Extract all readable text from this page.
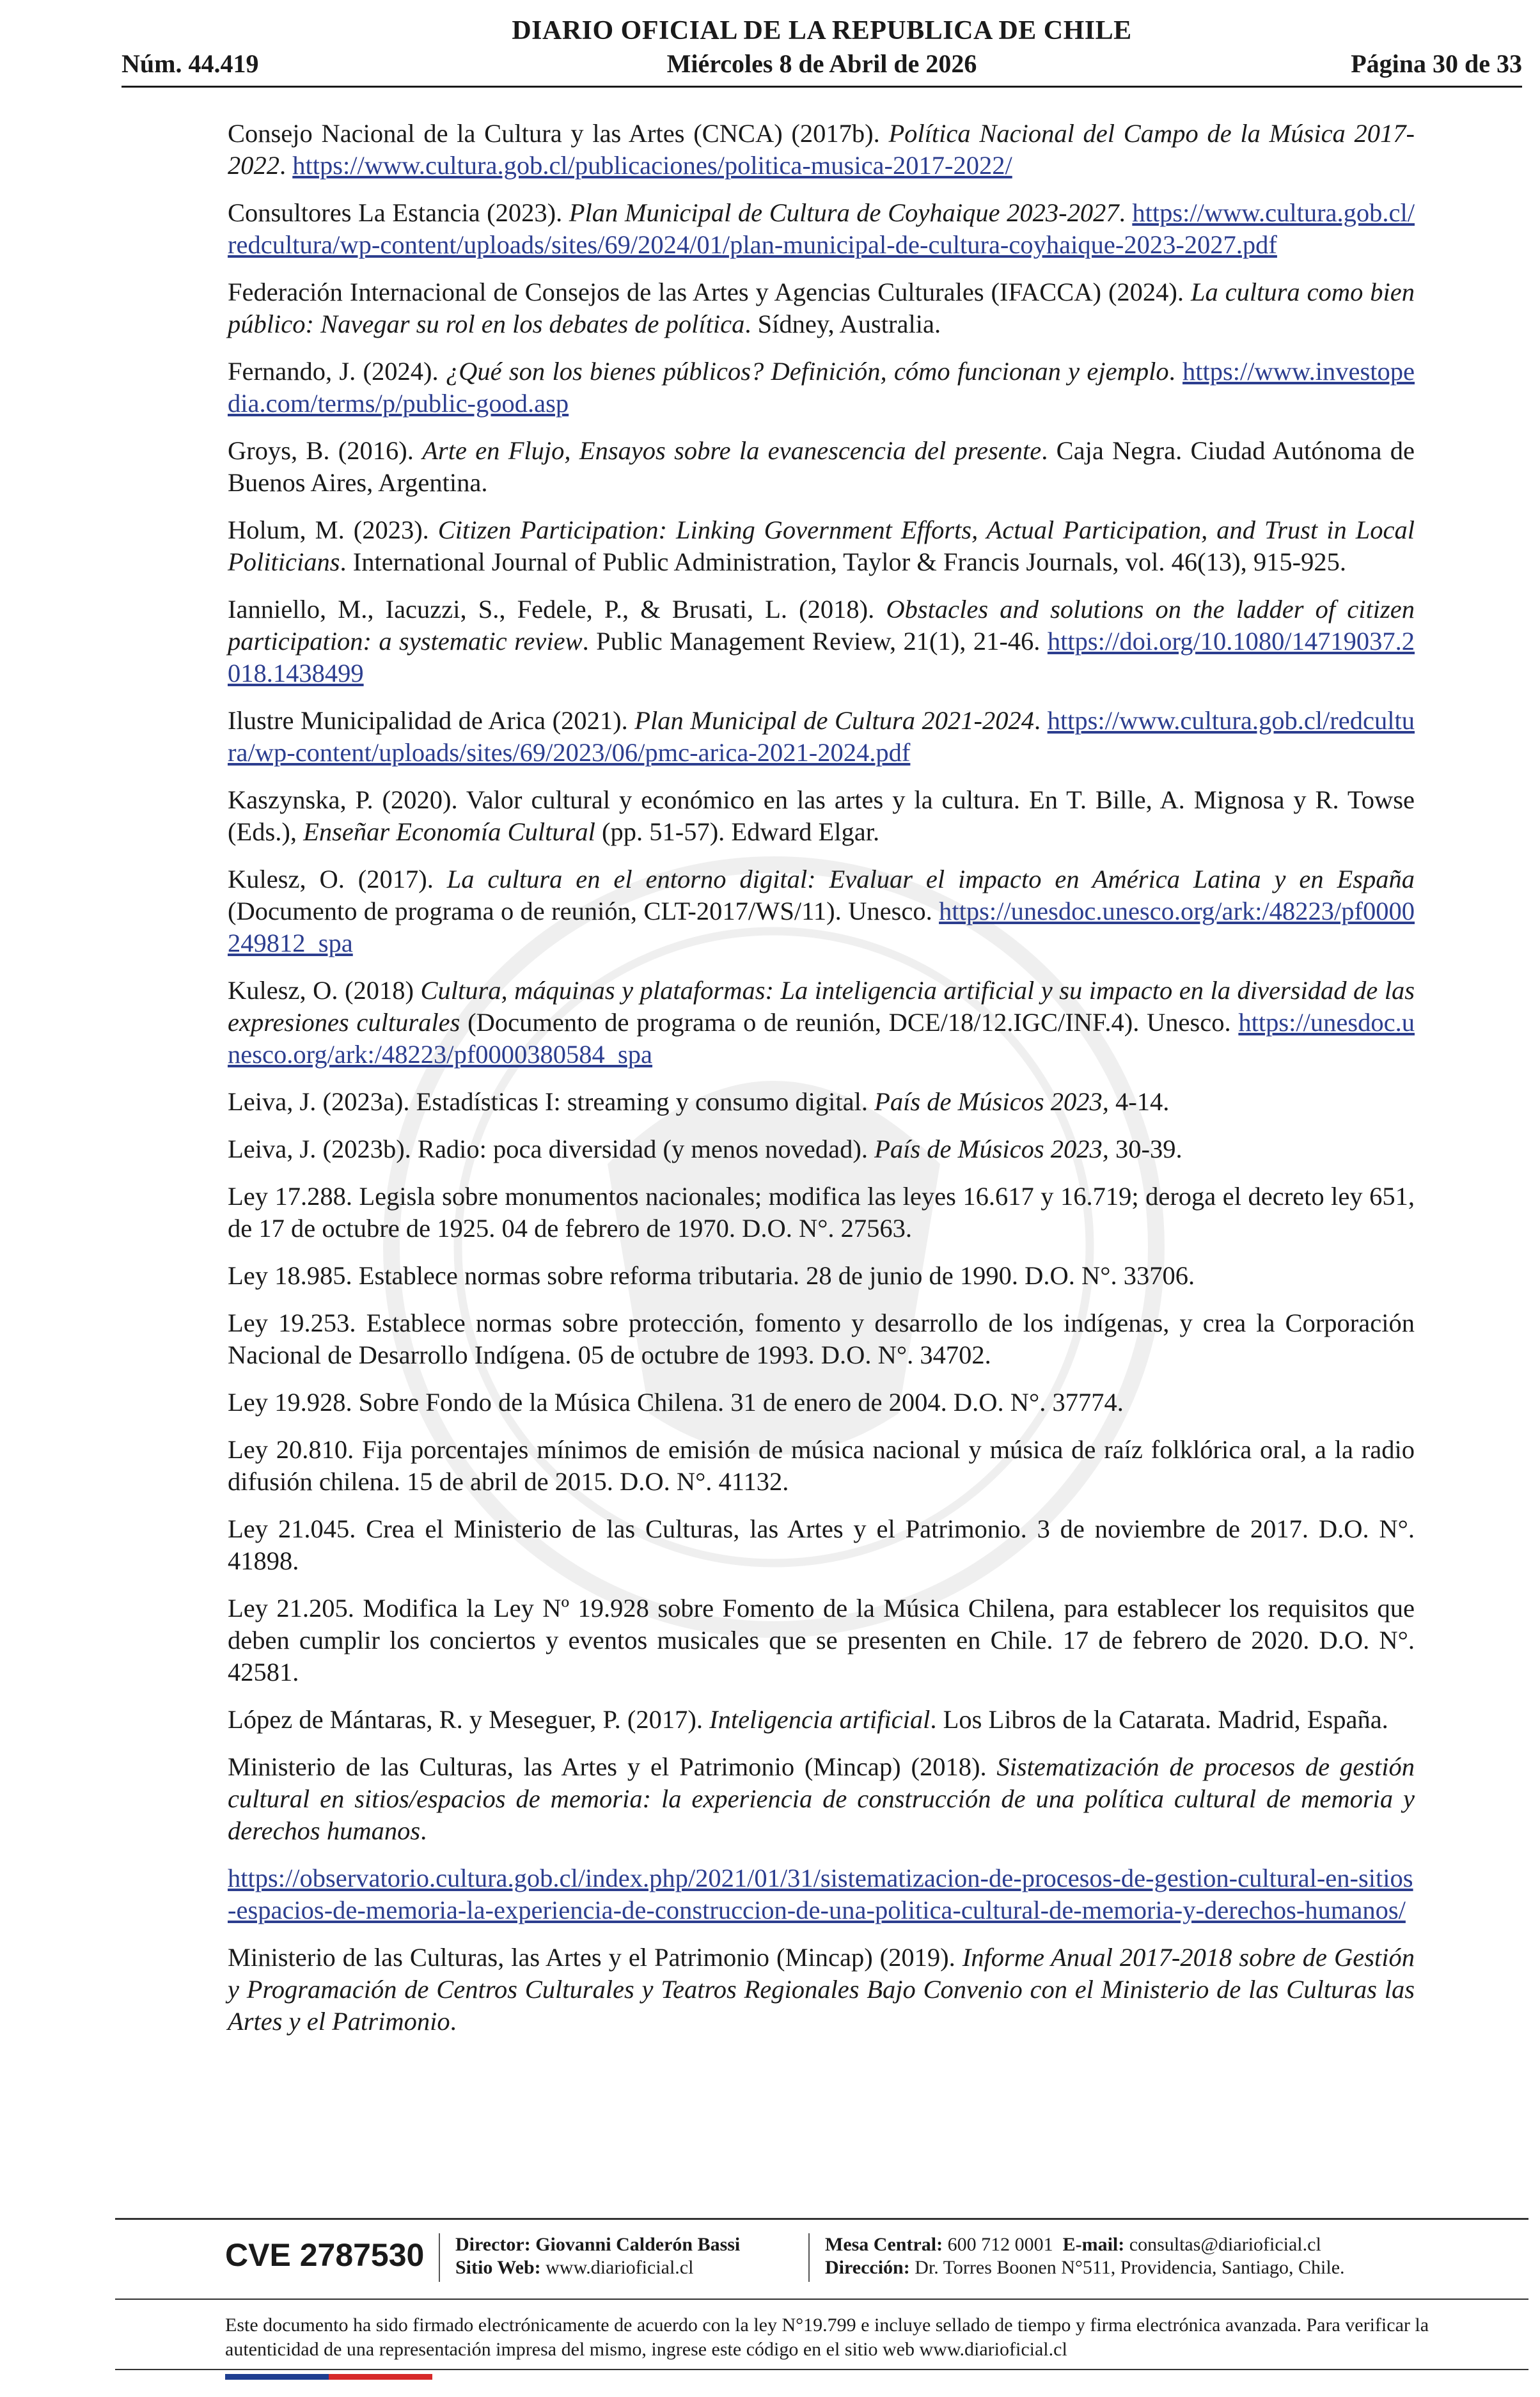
DIARIO OFICIAL DE LA REPUBLICA DE CHILE
Núm. 44.419	Miércoles 8 de Abril de 2026	Página 30 de 33

Consejo Nacional de la Cultura y las Artes (CNCA) (2017b). Política Nacional del Campo de la Música 2017-2022. https://www.cultura.gob.cl/publicaciones/politica-musica-2017-2022/

Consultores La Estancia (2023). Plan Municipal de Cultura de Coyhaique 2023-2027. https://www.cultura.gob.cl/redcultura/wp-content/uploads/sites/69/2024/01/plan-municipal-de-cultura-coyhaique-2023-2027.pdf

Federación Internacional de Consejos de las Artes y Agencias Culturales (IFACCA) (2024). La cultura como bien público: Navegar su rol en los debates de política. Sídney, Australia.

Fernando, J. (2024). ¿Qué son los bienes públicos? Definición, cómo funcionan y ejemplo. https://www.investopedia.com/terms/p/public-good.asp

Groys, B. (2016). Arte en Flujo, Ensayos sobre la evanescencia del presente. Caja Negra. Ciudad Autónoma de Buenos Aires, Argentina.

Holum, M. (2023). Citizen Participation: Linking Government Efforts, Actual Participation, and Trust in Local Politicians. International Journal of Public Administration, Taylor & Francis Journals, vol. 46(13), 915-925.

Ianniello, M., Iacuzzi, S., Fedele, P., & Brusati, L. (2018). Obstacles and solutions on the ladder of citizen participation: a systematic review. Public Management Review, 21(1), 21-46. https://doi.org/10.1080/14719037.2018.1438499

Ilustre Municipalidad de Arica (2021). Plan Municipal de Cultura 2021-2024. https://www.cultura.gob.cl/redcultura/wp-content/uploads/sites/69/2023/06/pmc-arica-2021-2024.pdf

Kaszynska, P. (2020). Valor cultural y económico en las artes y la cultura. En T. Bille, A. Mignosa y R. Towse (Eds.), Enseñar Economía Cultural (pp. 51-57). Edward Elgar.

Kulesz, O. (2017). La cultura en el entorno digital: Evaluar el impacto en América Latina y en España (Documento de programa o de reunión, CLT-2017/WS/11). Unesco. https://unesdoc.unesco.org/ark:/48223/pf0000249812_spa

Kulesz, O. (2018) Cultura, máquinas y plataformas: La inteligencia artificial y su impacto en la diversidad de las expresiones culturales (Documento de programa o de reunión, DCE/18/12.IGC/INF.4). Unesco. https://unesdoc.unesco.org/ark:/48223/pf0000380584_spa

Leiva, J. (2023a). Estadísticas I: streaming y consumo digital. País de Músicos 2023, 4-14.

Leiva, J. (2023b). Radio: poca diversidad (y menos novedad). País de Músicos 2023, 30-39.

Ley 17.288. Legisla sobre monumentos nacionales; modifica las leyes 16.617 y 16.719; deroga el decreto ley 651, de 17 de octubre de 1925. 04 de febrero de 1970. D.O. N°. 27563.

Ley 18.985. Establece normas sobre reforma tributaria. 28 de junio de 1990. D.O. N°. 33706.

Ley 19.253. Establece normas sobre protección, fomento y desarrollo de los indígenas, y crea la Corporación Nacional de Desarrollo Indígena. 05 de octubre de 1993. D.O. N°. 34702.

Ley 19.928. Sobre Fondo de la Música Chilena. 31 de enero de 2004. D.O. N°. 37774.

Ley 20.810. Fija porcentajes mínimos de emisión de música nacional y música de raíz folklórica oral, a la radio difusión chilena. 15 de abril de 2015. D.O. N°. 41132.

Ley 21.045. Crea el Ministerio de las Culturas, las Artes y el Patrimonio. 3 de noviembre de 2017. D.O. N°. 41898.

Ley 21.205. Modifica la Ley Nº 19.928 sobre Fomento de la Música Chilena, para establecer los requisitos que deben cumplir los conciertos y eventos musicales que se presenten en Chile. 17 de febrero de 2020. D.O. N°. 42581.

López de Mántaras, R. y Meseguer, P. (2017). Inteligencia artificial. Los Libros de la Catarata. Madrid, España.

Ministerio de las Culturas, las Artes y el Patrimonio (Mincap) (2018). Sistematización de procesos de gestión cultural en sitios/espacios de memoria: la experiencia de construcción de una política cultural de memoria y derechos humanos.

https://observatorio.cultura.gob.cl/index.php/2021/01/31/sistematizacion-de-procesos-de-gestion-cultural-en-sitios-espacios-de-memoria-la-experiencia-de-construccion-de-una-politica-cultural-de-memoria-y-derechos-humanos/

Ministerio de las Culturas, las Artes y el Patrimonio (Mincap) (2019). Informe Anual 2017-2018 sobre de Gestión y Programación de Centros Culturales y Teatros Regionales Bajo Convenio con el Ministerio de las Culturas las Artes y el Patrimonio.

CVE 2787530 Director: Giovanni Calderón Bassi
Sitio Web: www.diarioficial.cl
Mesa Central: 600 712 0001 E-mail: consultas@diarioficial.cl
Dirección: Dr. Torres Boonen N°511, Providencia, Santiago, Chile.
Este documento ha sido firmado electrónicamente de acuerdo con la ley N°19.799 e incluye sellado de tiempo y firma electrónica avanzada. Para verificar la autenticidad de una representación impresa del mismo, ingrese este código en el sitio web www.diarioficial.cl
